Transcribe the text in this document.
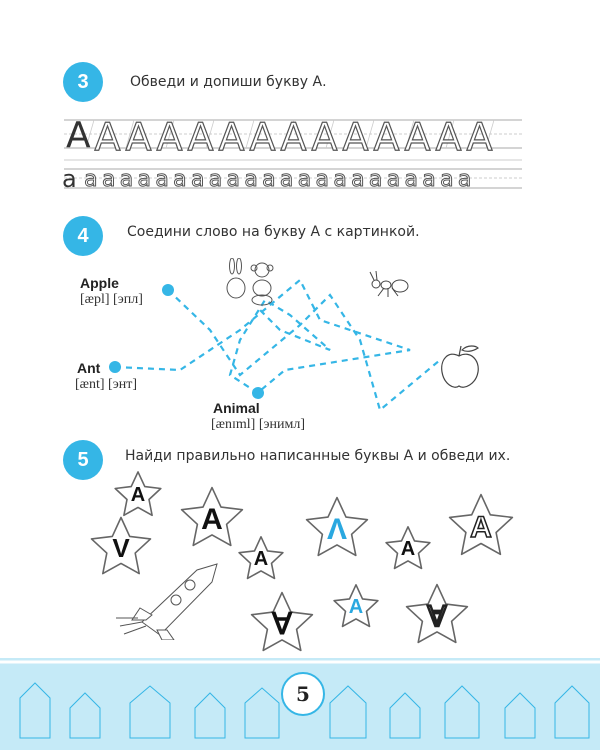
3	Обведи и допиши букву А.
A A A A A A A A A A A A A A
a a a a a a a a a a a a a a a a a a a a a a a
4	Соедини слово на букву А с картинкой.
Apple
[æpl] [эпл]
Ant
[ænt] [энт]
Animal
[ænɪml] [энимл]
5	Найди правильно написанные буквы А и обведи их.
A
V
A
A
Λ
A
A
∀
A	∀
5
